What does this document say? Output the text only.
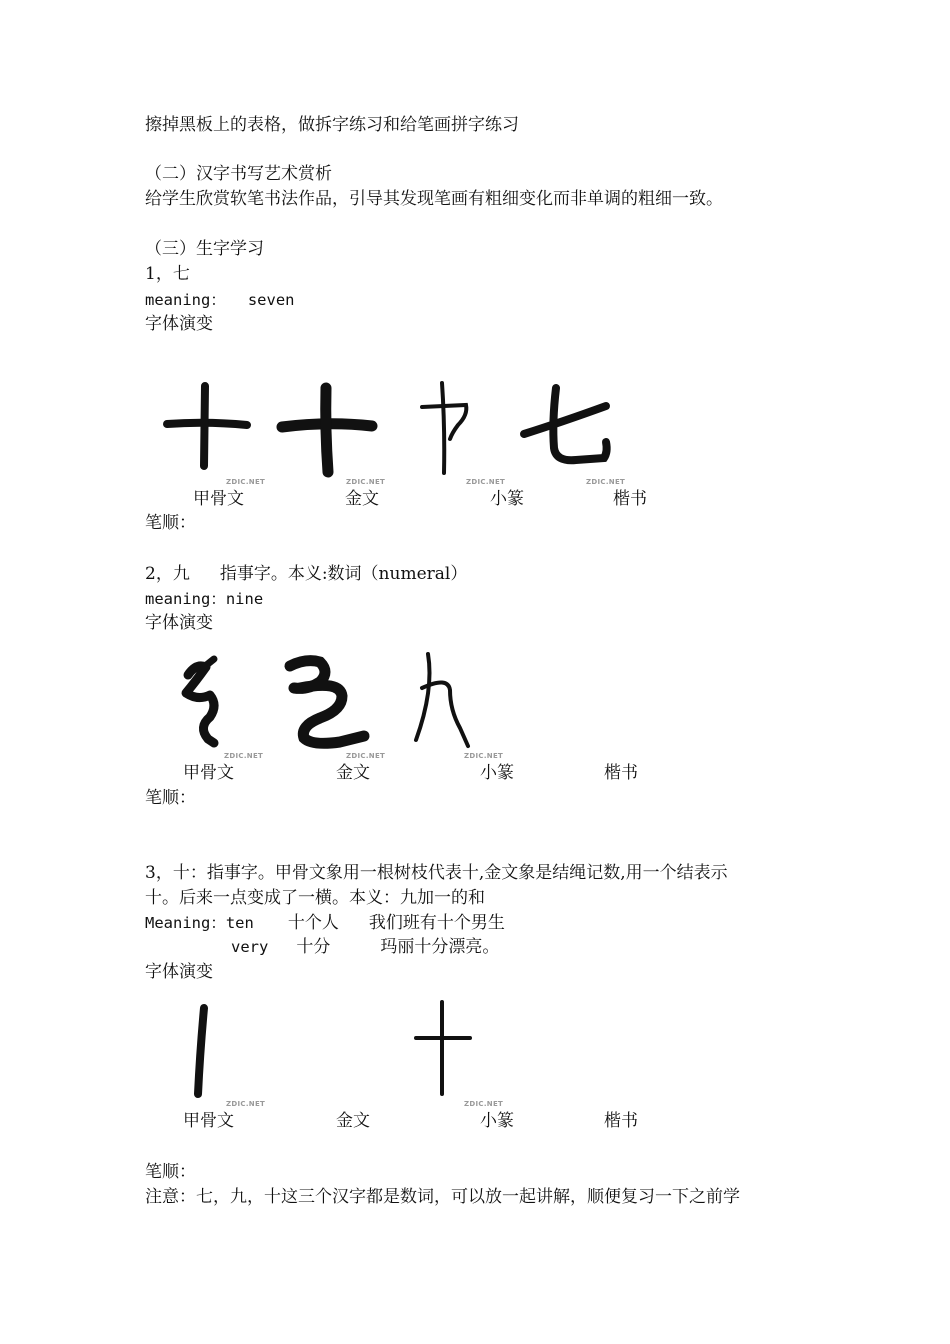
擦掉黑板上的表格，做拆字练习和给笔画拼字练习
（二）汉字书写艺术赏析
给学生欣赏软笔书法作品，引导其发现笔画有粗细变化而非单调的粗细一致。
（三）生字学习
1，七
meaning： seven
字体演变
ZDIC.NET	ZDIC.NET	ZDIC.NET	ZDIC.NET
甲骨文	金文	小篆	楷书
笔顺：
2，九 指事字。本义:数词（numeral）
meaning：nine
字体演变
ZDIC.NET	ZDIC.NET	ZDIC.NET
甲骨文	金文	小篆	楷书
笔顺：
3，十：指事字。甲骨文象用一根树枝代表十,金文象是结绳记数,用一个结表示
十。后来一点变成了一横。本义：九加一的和
Meaning：ten 十个人 我们班有十个男生
very 十分	玛丽十分漂亮。
字体演变
ZDIC.NET	ZDIC.NET
甲骨文	金文	小篆	楷书
笔顺：
注意：七，九，十这三个汉字都是数词，可以放一起讲解，顺便复习一下之前学
